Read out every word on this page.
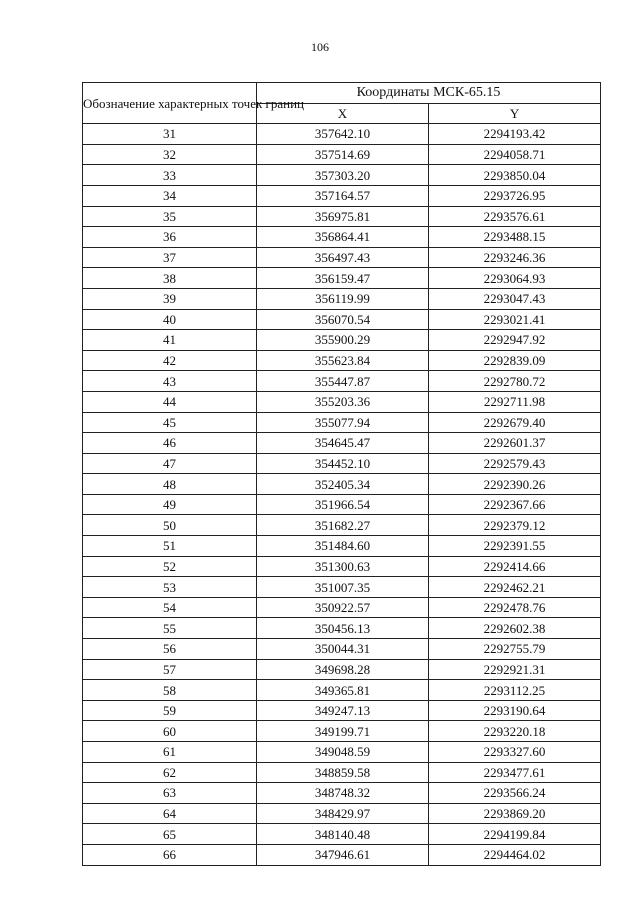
106
Обозначение характерных точек границ	Координаты МСК-65.15	
	X	Y
31	357642.10	2294193.42
32	357514.69	2294058.71
33	357303.20	2293850.04
34	357164.57	2293726.95
35	356975.81	2293576.61
36	356864.41	2293488.15
37	356497.43	2293246.36
38	356159.47	2293064.93
39	356119.99	2293047.43
40	356070.54	2293021.41
41	355900.29	2292947.92
42	355623.84	2292839.09
43	355447.87	2292780.72
44	355203.36	2292711.98
45	355077.94	2292679.40
46	354645.47	2292601.37
47	354452.10	2292579.43
48	352405.34	2292390.26
49	351966.54	2292367.66
50	351682.27	2292379.12
51	351484.60	2292391.55
52	351300.63	2292414.66
53	351007.35	2292462.21
54	350922.57	2292478.76
55	350456.13	2292602.38
56	350044.31	2292755.79
57	349698.28	2292921.31
58	349365.81	2293112.25
59	349247.13	2293190.64
60	349199.71	2293220.18
61	349048.59	2293327.60
62	348859.58	2293477.61
63	348748.32	2293566.24
64	348429.97	2293869.20
65	348140.48	2294199.84
66	347946.61	2294464.02
